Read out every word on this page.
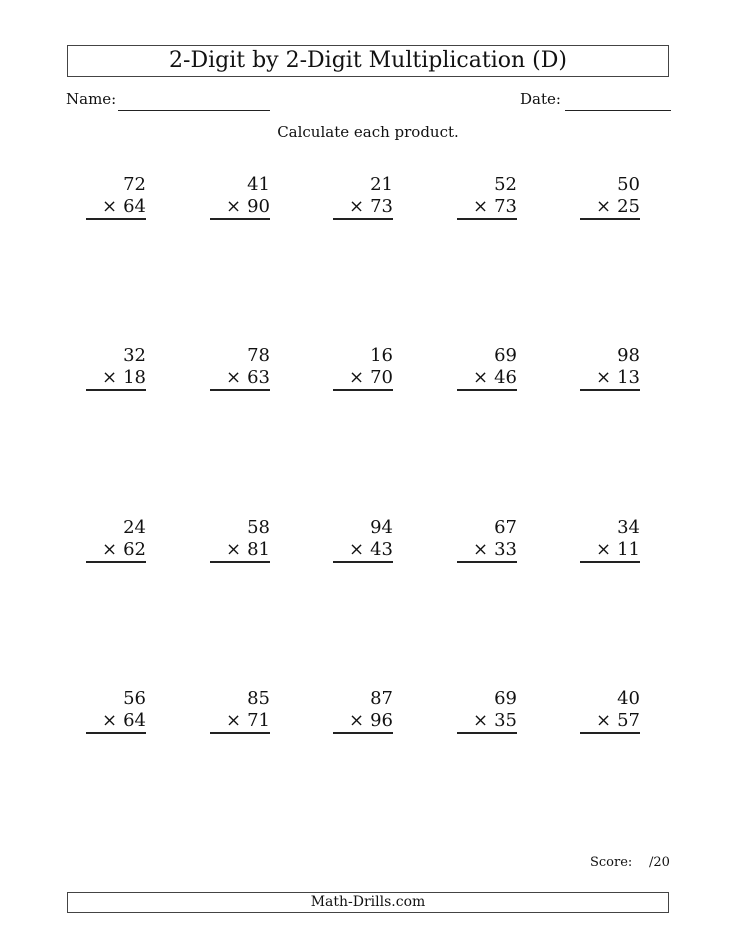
2-Digit by 2-Digit Multiplication (D)
Name:	Date:
Calculate each product.
72
× 64
41
× 90
21
× 73
52
× 73
50
× 25
32
× 18
78
× 63
16
× 70
69
× 46
98
× 13
24
× 62
58
× 81
94
× 43
67
× 33
34
× 11
56
× 64
85
× 71
87
× 96
69
× 35
40
× 57
Score: /20
Math-Drills.com
